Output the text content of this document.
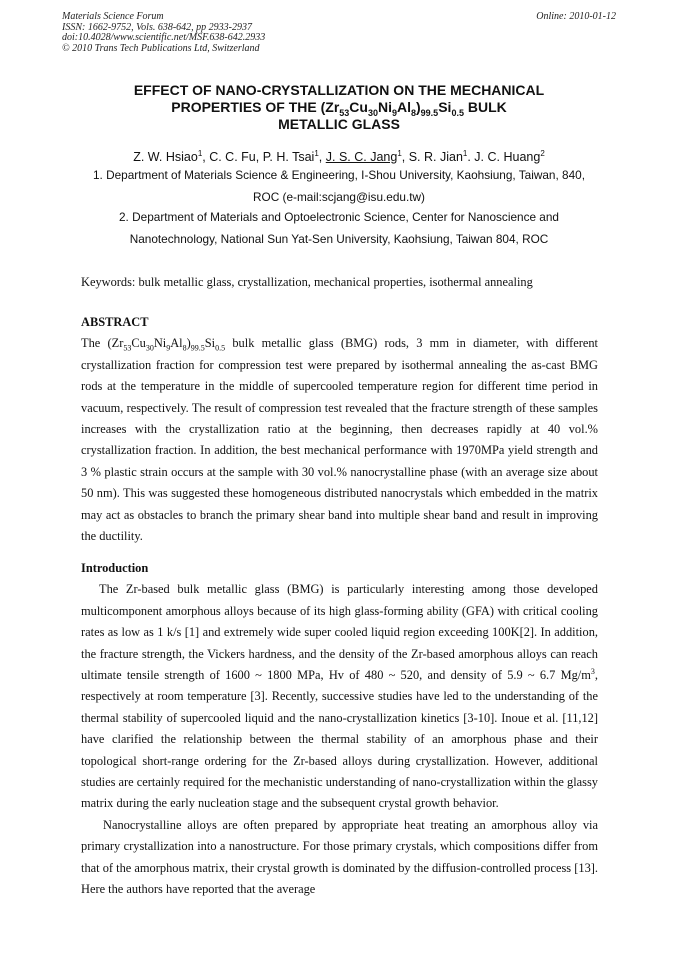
Materials Science Forum
ISSN: 1662-9752, Vols. 638-642, pp 2933-2937
doi:10.4028/www.scientific.net/MSF.638-642.2933
© 2010 Trans Tech Publications Ltd, Switzerland
Online: 2010-01-12
EFFECT OF NANO-CRYSTALLIZATION ON THE MECHANICAL
PROPERTIES OF THE $(Zr_{53}Cu_{30}Ni_9Al_8)_{99.5}Si_{0.5}$ BULK
METALLIC GLASS
Z. W. Hsiao$^1$, C. C. Fu, P. H. Tsai$^1$, J. S. C. Jang$^1$, S. R. Jian$^1$. J. C. Huang$^2$
1. Department of Materials Science & Engineering, I-Shou University, Kaohsiung, Taiwan, 840,
ROC (e-mail:scjang@isu.edu.tw)
2. Department of Materials and Optoelectronic Science, Center for Nanoscience and
Nanotechnology, National Sun Yat-Sen University, Kaohsiung, Taiwan 804, ROC
Keywords: bulk metallic glass, crystallization, mechanical properties, isothermal annealing
ABSTRACT
The $(Zr_{53}Cu_{30}Ni_9Al_8)_{99.5}Si_{0.5}$ bulk metallic glass (BMG) rods, 3 mm in diameter, with different crystallization fraction for compression test were prepared by isothermal annealing the as-cast BMG rods at the temperature in the middle of supercooled temperature region for different time period in vacuum, respectively. The result of compression test revealed that the fracture strength of these samples increases with the crystallization ratio at the beginning, then decreases rapidly at 40 vol.% crystallization fraction. In addition, the best mechanical performance with 1970MPa yield strength and 3 % plastic strain occurs at the sample with 30 vol.% nanocrystalline phase (with an average size about 50 nm). This was suggested these homogeneous distributed nanocrystals which embedded in the matrix may act as obstacles to branch the primary shear band into multiple shear band and result in improving the ductility.
Introduction

The Zr-based bulk metallic glass (BMG) is particularly interesting among those developed multicomponent amorphous alloys because of its high glass-forming ability (GFA) with critical cooling rates as low as 1 k/s [1] and extremely wide super cooled liquid region exceeding 100K[2]. In addition, the fracture strength, the Vickers hardness, and the density of the Zr-based amorphous alloys can reach ultimate tensile strength of 1600 ~ 1800 MPa, Hv of 480 ~ 520, and density of 5.9 ~ 6.7 $Mg/m^3$, respectively at room temperature [3]. Recently, successive studies have led to the understanding of the thermal stability of supercooled liquid and the nano-crystallization kinetics [3-10]. Inoue et al. [11,12] have clarified the relationship between the thermal stability of an amorphous phase and their topological short-range ordering for the Zr-based alloys during crystallization. However, additional studies are certainly required for the mechanistic understanding of nano-crystallization within the glassy matrix during the early nucleation stage and the subsequent crystal growth behavior.

Nanocrystalline alloys are often prepared by appropriate heat treating an amorphous alloy via primary crystallization into a nanostructure. For those primary crystals, which compositions differ from that of the amorphous matrix, their crystal growth is dominated by the diffusion-controlled process [13]. Here the authors have reported that the average
